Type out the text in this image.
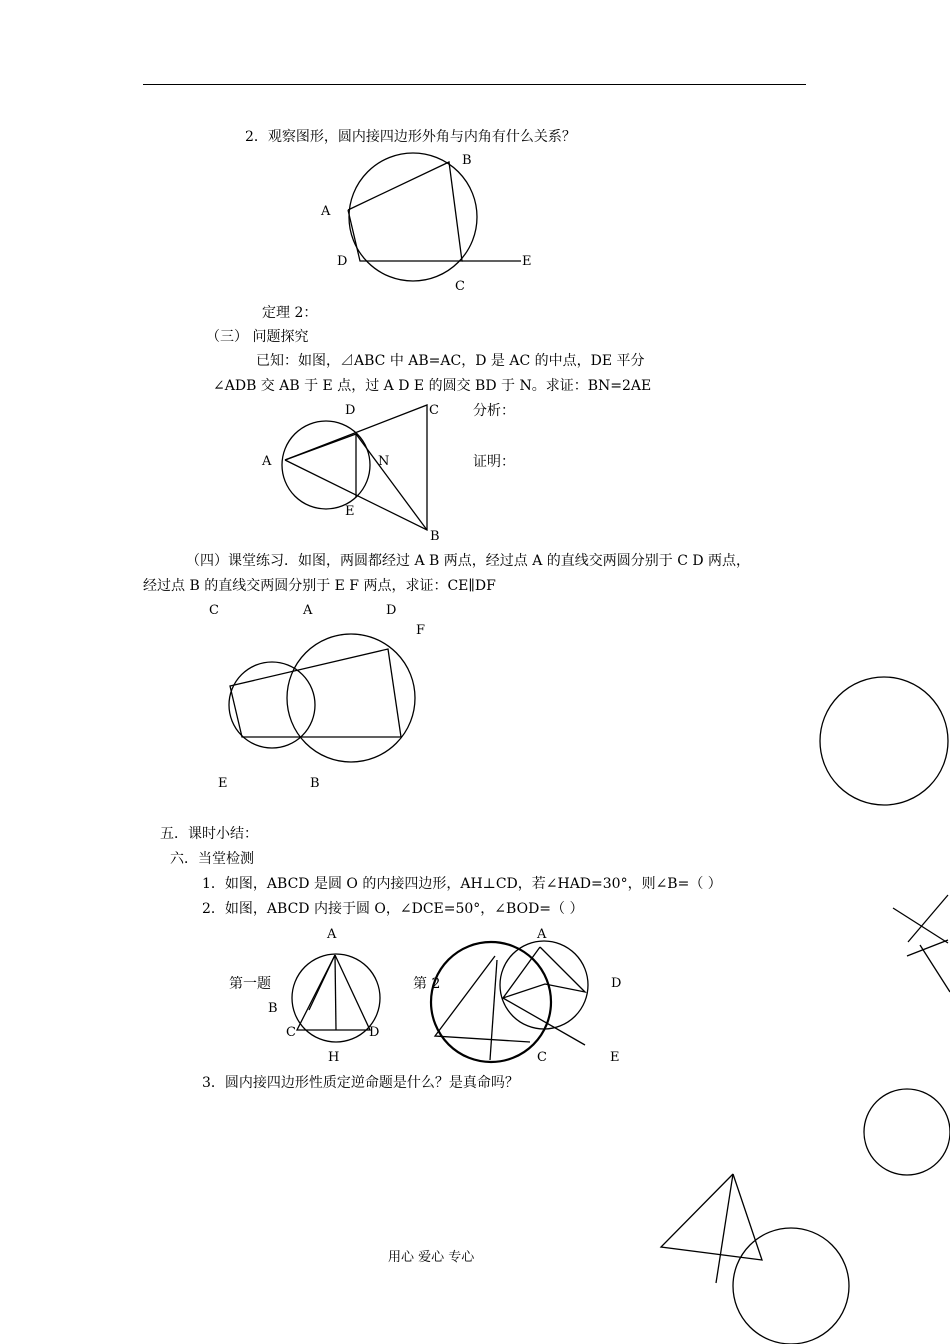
2．观察图形，圆内接四边形外角与内角有什么关系？
A
B
D	E
C
定理 2：
（三） 问题探究
已知：如图，⊿ABC 中 AB=AC，D 是 AC 的中点，DE 平分
∠ADB 交 AB 于 E 点，过 A D E 的圆交 BD 于 N。求证：BN=2AE
D	C
A	N
E
B
分析：
证明：
（四）课堂练习．如图，两圆都经过 A B 两点，经过点 A 的直线交两圆分别于 C D 两点，
经过点 B 的直线交两圆分别于 E F 两点，求证：CE∥DF
C	A	D
F
E	B
五．课时小结：
六．当堂检测
1．如图，ABCD 是圆 O 的内接四边形，AH⊥CD，若∠HAD=30°，则∠B=（ ）
2．如图，ABCD 内接于圆 O，∠DCE=50°，∠BOD=（ ）
A
第一题
B
C	D
H
第 2
A
D
C	E
3．圆内接四边形性质定逆命题是什么？是真命吗？
用心 爱心 专心
